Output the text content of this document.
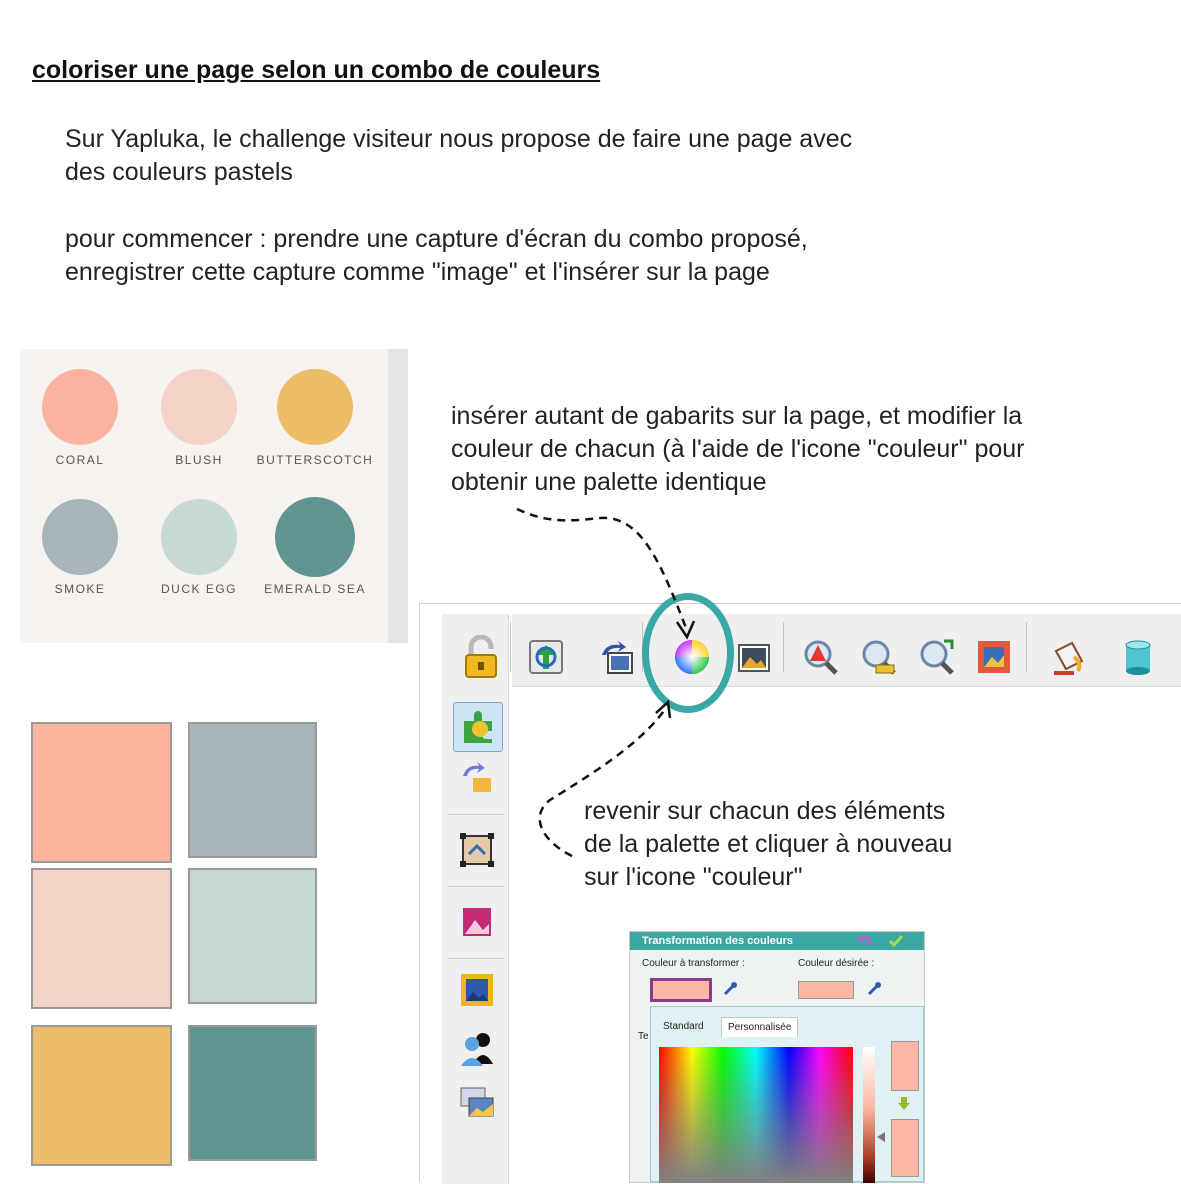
coloriser une page selon un combo de couleurs
Sur Yapluka, le challenge visiteur nous propose de faire une page avec
des couleurs pastels
pour commencer : prendre une capture d'écran du combo proposé,
enregistrer cette capture comme "image" et l'insérer sur la page
CORAL	BLUSH	BUTTERSCOTCH
SMOKE	DUCK EGG	EMERALD SEA
insérer autant de gabarits sur la page, et modifier la
couleur de chacun (à l'aide de l'icone "couleur" pour
obtenir une palette identique
revenir sur chacun des éléments
de la palette et cliquer à nouveau
sur l'icone "couleur"
Transformation des couleurs
Couleur à transformer :	Couleur désirée :
Te
Standard	Personnalisée
